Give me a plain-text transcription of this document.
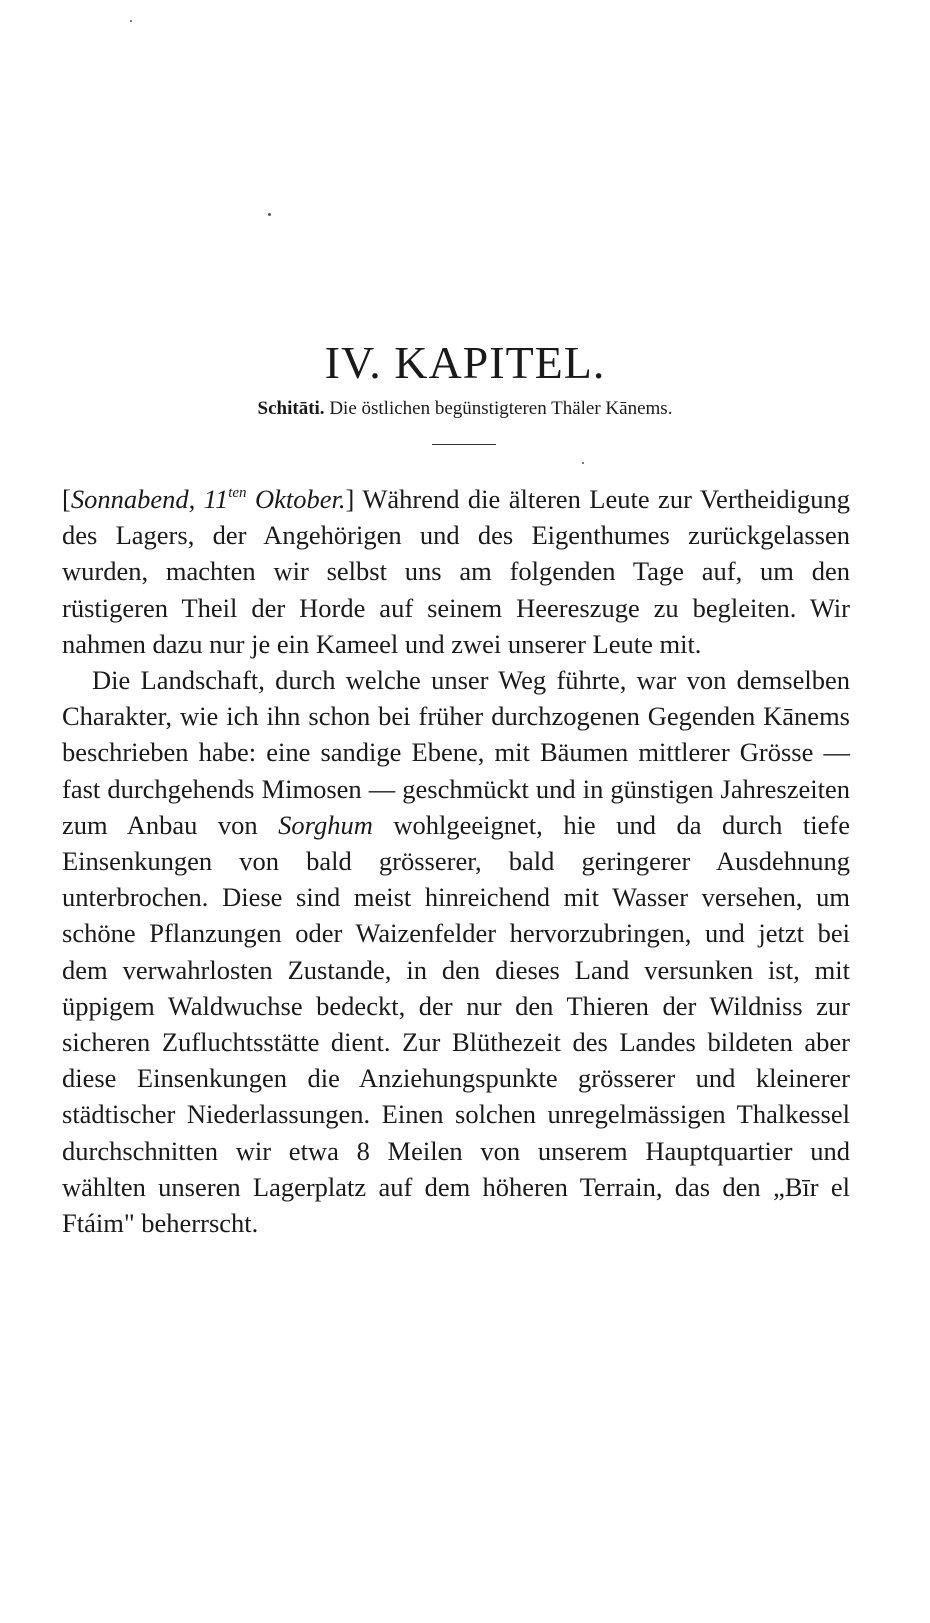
IV. KAPITEL.

Schitāti. Die östlichen begünstigteren Thäler Kānems.

[Sonnabend, $11^{ten}$ Oktober.] Während die älteren Leute zur Vertheidigung des Lagers, der Angehörigen und des Eigenthumes zurückgelassen wurden, machten wir selbst uns am folgenden Tage auf, um den rüstigeren Theil der Horde auf seinem Heereszuge zu begleiten. Wir nahmen dazu nur je ein Kameel und zwei unserer Leute mit.

Die Landschaft, durch welche unser Weg führte, war von demselben Charakter, wie ich ihn schon bei früher durchzogenen Gegenden Kānems beschrieben habe: eine sandige Ebene, mit Bäumen mittlerer Grösse — fast durchgehends Mimosen — geschmückt und in günstigen Jahreszeiten zum Anbau von Sorghum wohlgeeignet, hie und da durch tiefe Einsenkungen von bald grösserer, bald geringerer Ausdehnung unterbrochen. Diese sind meist hinreichend mit Wasser versehen, um schöne Pflanzungen oder Waizenfelder hervorzubringen, und jetzt bei dem verwahrlosten Zustande, in den dieses Land versunken ist, mit üppigem Waldwuchse bedeckt, der nur den Thieren der Wildniss zur sicheren Zufluchtsstätte dient. Zur Blüthezeit des Landes bildeten aber diese Einsenkungen die Anziehungspunkte grösserer und kleinerer städtischer Niederlassungen. Einen solchen unregelmässigen Thalkessel durchschnitten wir etwa 8 Meilen von unserem Hauptquartier und wählten unseren Lagerplatz auf dem höheren Terrain, das den „Bīr el Ftáim" beherrscht.
